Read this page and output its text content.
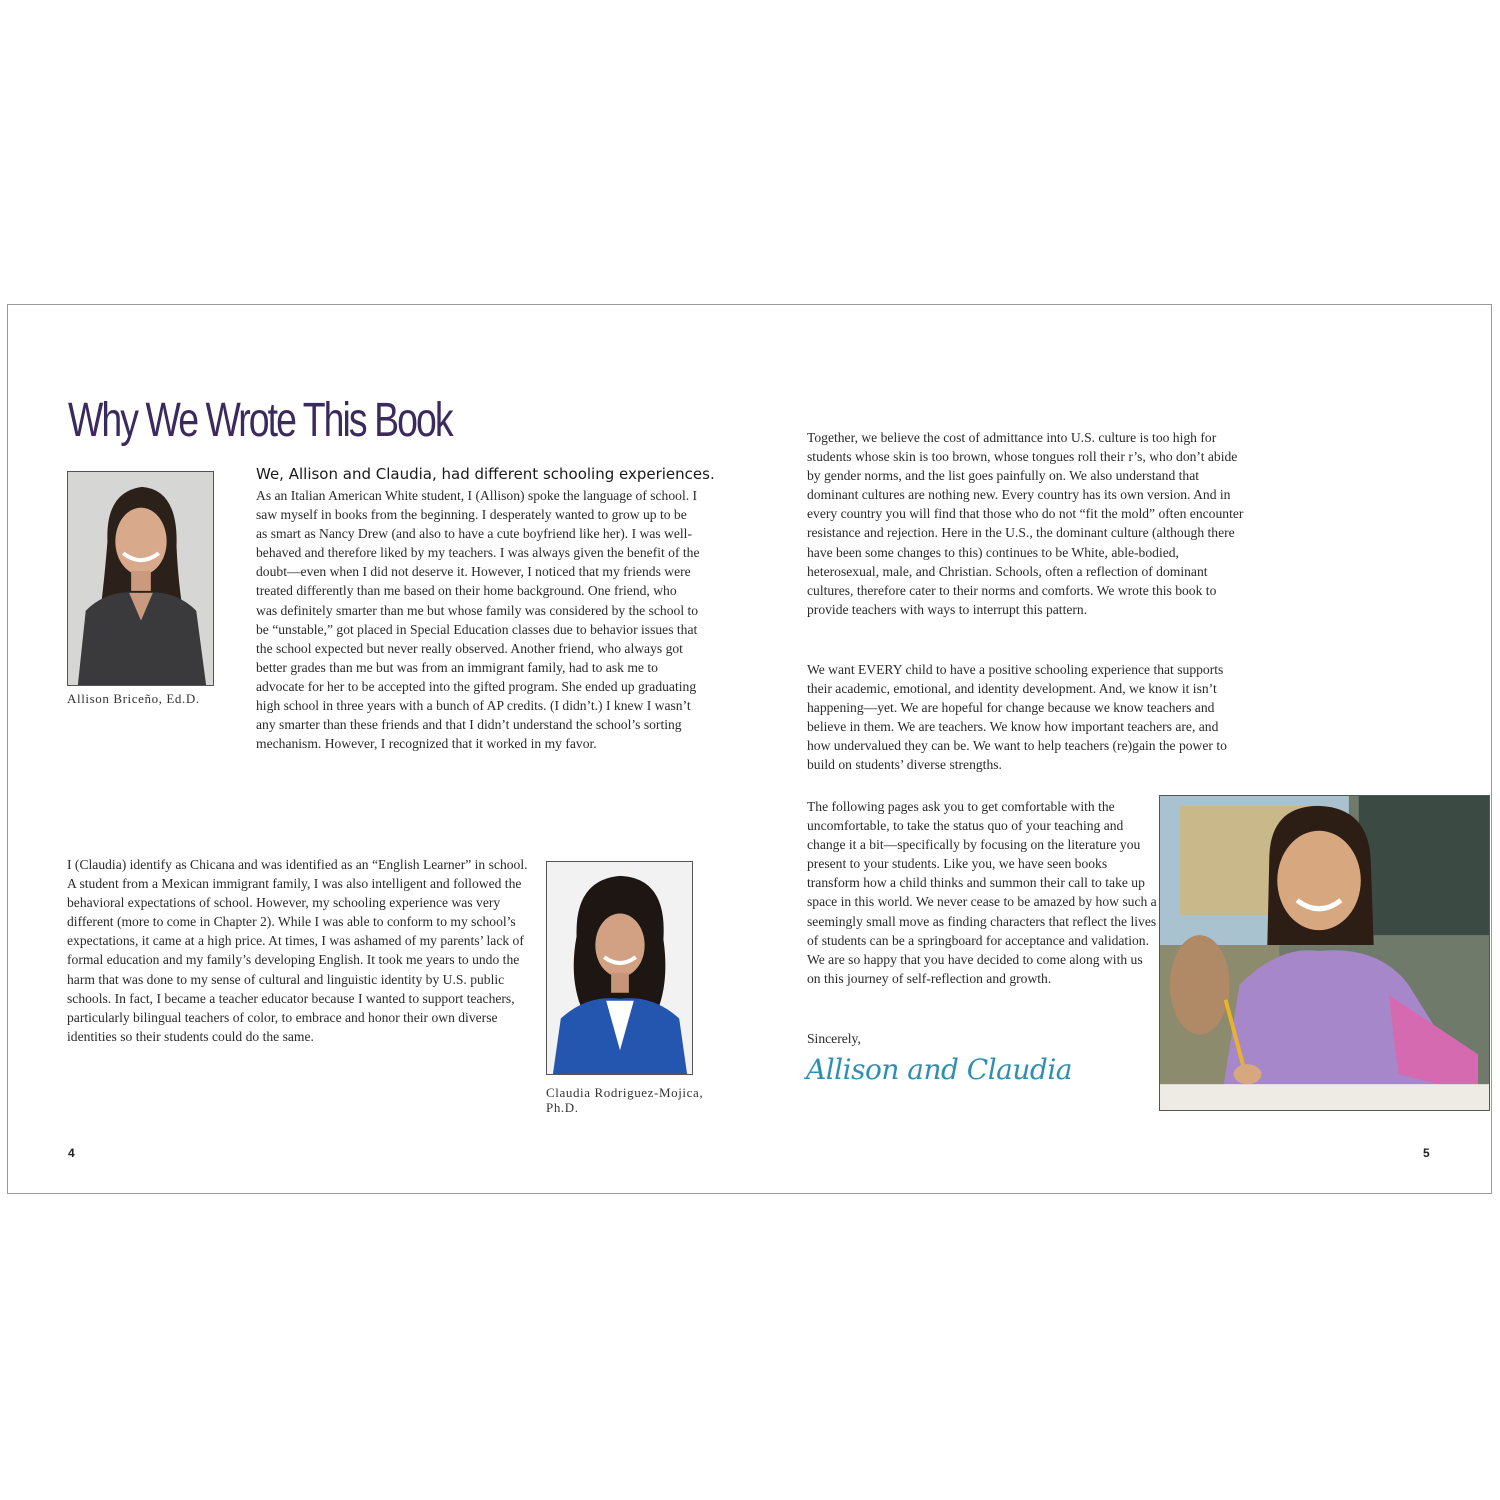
Why We Wrote This Book
Allison Briceño, Ed.D.
We, Allison and Claudia, had different schooling experiences.

As an Italian American White student, I (Allison) spoke the language of school. I saw myself in books from the beginning. I desperately wanted to grow up to be as smart as Nancy Drew (and also to have a cute boyfriend like her). I was well-behaved and therefore liked by my teachers. I was always given the benefit of the doubt—even when I did not deserve it. However, I noticed that my friends were treated differently than me based on their home background. One friend, who was definitely smarter than me but whose family was considered by the school to be “unstable,” got placed in Special Education classes due to behavior issues that the school expected but never really observed. Another friend, who always got better grades than me but was from an immigrant family, had to ask me to advocate for her to be accepted into the gifted program. She ended up graduating high school in three years with a bunch of AP credits. (I didn’t.) I knew I wasn’t any smarter than these friends and that I didn’t understand the school’s sorting mechanism. However, I recognized that it worked in my favor.

I (Claudia) identify as Chicana and was identified as an “English Learner” in school. A student from a Mexican immigrant family, I was also intelligent and followed the behavioral expectations of school. However, my schooling experience was very different (more to come in Chapter 2). While I was able to conform to my school’s expectations, it came at a high price. At times, I was ashamed of my parents’ lack of formal education and my family’s developing English. It took me years to undo the harm that was done to my sense of cultural and linguistic identity by U.S. public schools. In fact, I became a teacher educator because I wanted to support teachers, particularly bilingual teachers of color, to embrace and honor their own diverse identities so their students could do the same.

Claudia Rodriguez-Mojica, Ph.D.
4

Together, we believe the cost of admittance into U.S. culture is too high for students whose skin is too brown, whose tongues roll their r’s, who don’t abide by gender norms, and the list goes painfully on. We also understand that dominant cultures are nothing new. Every country has its own version. And in every country you will find that those who do not “fit the mold” often encounter resistance and rejection. Here in the U.S., the dominant culture (although there have been some changes to this) continues to be White, able-bodied, heterosexual, male, and Christian. Schools, often a reflection of dominant cultures, therefore cater to their norms and comforts. We wrote this book to provide teachers with ways to interrupt this pattern.

We want EVERY child to have a positive schooling experience that supports their academic, emotional, and identity development. And, we know it isn’t happening—yet. We are hopeful for change because we know teachers and believe in them. We are teachers. We know how important teachers are, and how undervalued they can be. We want to help teachers (re)gain the power to build on students’ diverse strengths.

The following pages ask you to get comfortable with the uncomfortable, to take the status quo of your teaching and change it a bit—specifically by focusing on the literature you present to your students. Like you, we have seen books transform how a child thinks and summon their call to take up space in this world. We never cease to be amazed by how such a seemingly small move as finding characters that reflect the lives of students can be a springboard for acceptance and validation. We are so happy that you have decided to come along with us on this journey of self-reflection and growth.

Sincerely,
Allison and Claudia
5
